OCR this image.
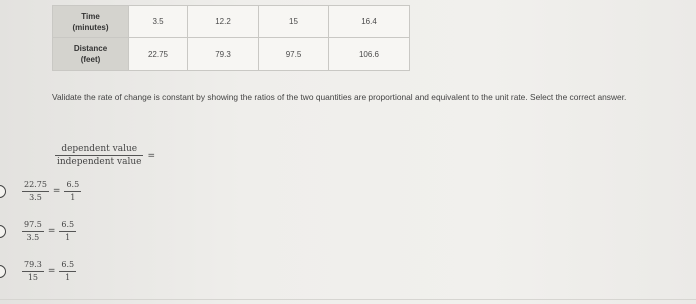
Time
(minutes)	3.5	12.2	15	16.4

Distance
(feet)	22.75	79.3	97.5	106.6
Validate the rate of change is constant by showing the ratios of the two quantities are proportional and equivalent to the unit rate. Select the correct answer.
$\frac{\text{dependent value}}{\text{independent value}}$ =
$\frac{22.75}{3.5} = \frac{6.5}{1}$
$\frac{97.5}{3.5} = \frac{6.5}{1}$
$\frac{79.3}{15} = \frac{6.5}{1}$
